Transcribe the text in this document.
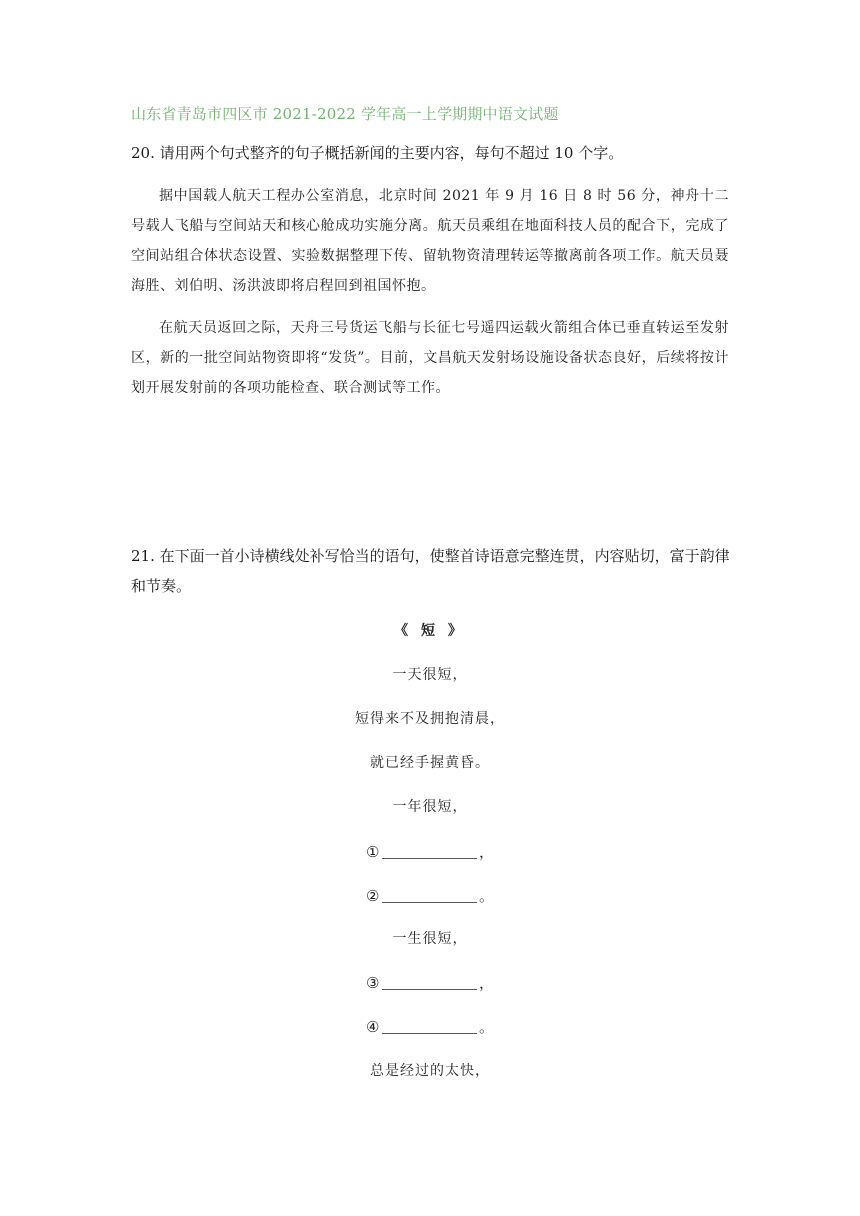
山东省青岛市四区市 2021-2022 学年高一上学期期中语文试题
20. 请用两个句式整齐的句子概括新闻的主要内容，每句不超过 10 个字。
据中国载人航天工程办公室消息，北京时间 2021 年 9 月 16 日 8 时 56 分，神舟十二号载人飞船与空间站天和核心舱成功实施分离。航天员乘组在地面科技人员的配合下，完成了空间站组合体状态设置、实验数据整理下传、留轨物资清理转运等撤离前各项工作。航天员聂海胜、刘伯明、汤洪波即将启程回到祖国怀抱。
在航天员返回之际，天舟三号货运飞船与长征七号遥四运载火箭组合体已垂直转运至发射区，新的一批空间站物资即将“发货”。目前，文昌航天发射场设施设备状态良好，后续将按计划开展发射前的各项功能检查、联合测试等工作。
21. 在下面一首小诗横线处补写恰当的语句，使整首诗语意完整连贯，内容贴切，富于韵律和节奏。
《 短 》
一天很短，
短得来不及拥抱清晨，
就已经手握黄昏。
一年很短，
①	，
②	。
一生很短，
③	，
④	。
总是经过的太快，
